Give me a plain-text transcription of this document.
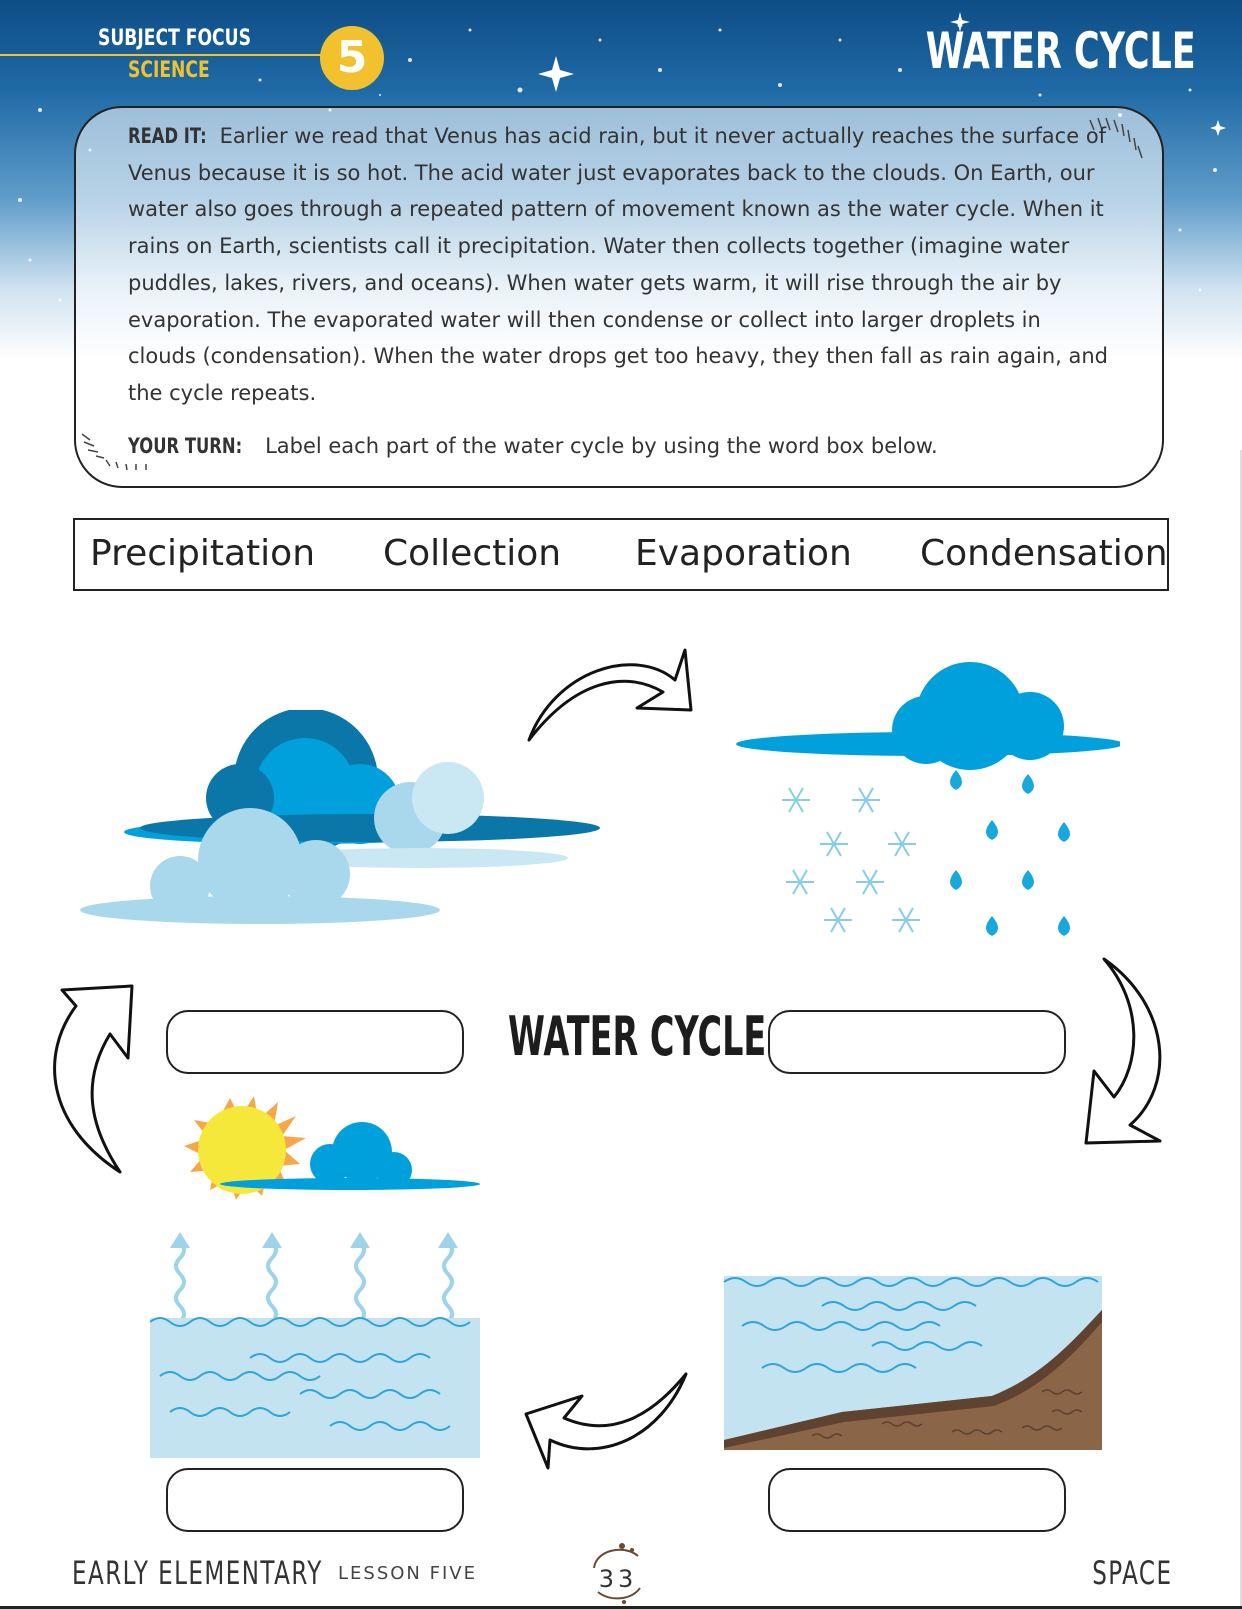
SUBJECT FOCUS
SCIENCE	5	WATER CYCLE
READ IT: Earlier we read that Venus has acid rain, but it never actually reaches the surface of Venus because it is so hot. The acid water just evaporates back to the clouds. On Earth, our water also goes through a repeated pattern of movement known as the water cycle. When it rains on Earth, scientists call it precipitation. Water then collects together (imagine water puddles, lakes, rivers, and oceans). When water gets warm, it will rise through the air by evaporation. The evaporated water will then condense or collect into larger droplets in clouds (condensation). When the water drops get too heavy, they then fall as rain again, and the cycle repeats.
YOUR TURN: Label each part of the water cycle by using the word box below.
Precipitation Collection Evaporation Condensation
WATER CYCLE
EARLY ELEMENTARY LESSON FIVE	33	SPACE
